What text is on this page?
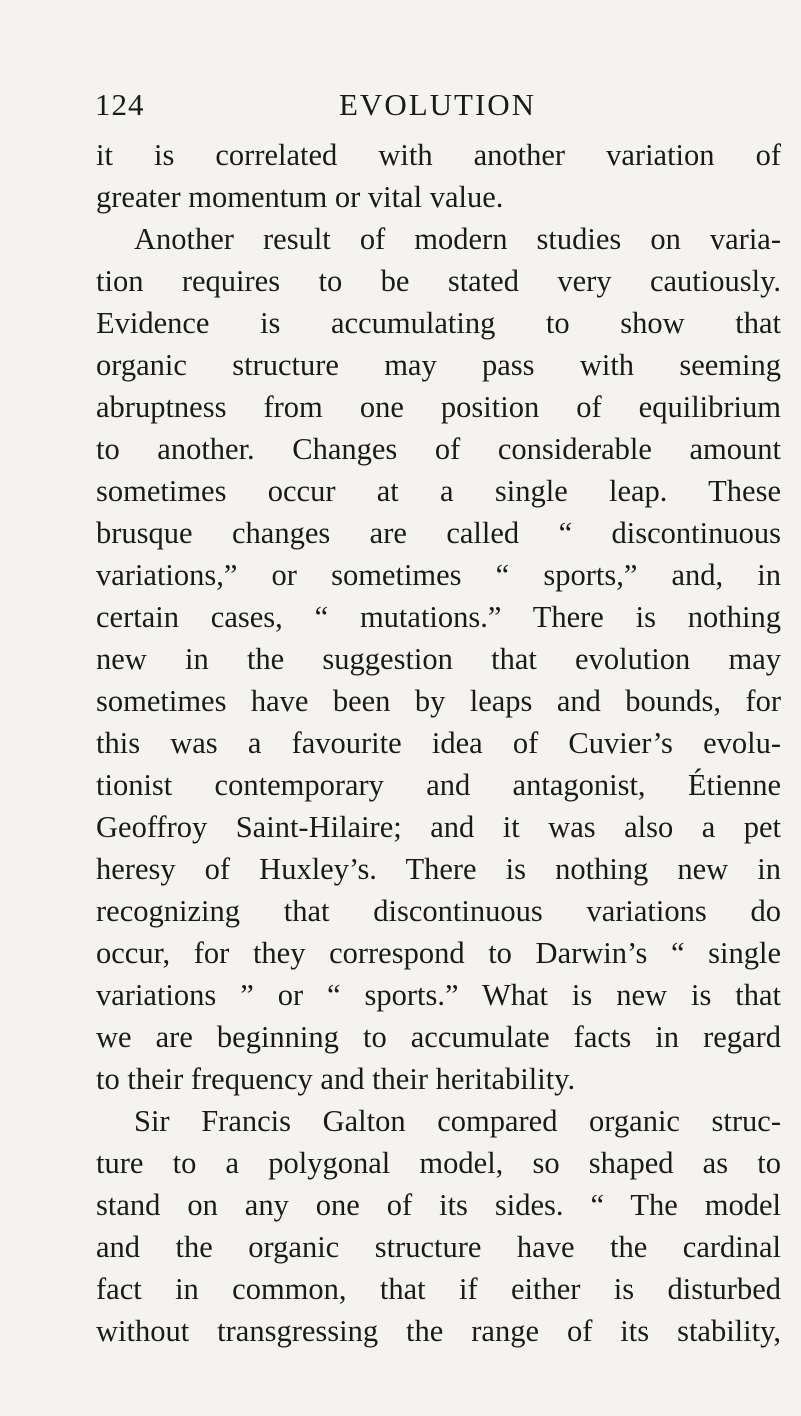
124	EVOLUTION
it is correlated with another variation of
greater momentum or vital value.
Another result of modern studies on varia-
tion requires to be stated very cautiously.
Evidence is accumulating to show that
organic structure may pass with seeming
abruptness from one position of equilibrium
to another. Changes of considerable amount
sometimes occur at a single leap. These
brusque changes are called “ discontinuous
variations,” or sometimes “ sports,” and, in
certain cases, “ mutations.” There is nothing
new in the suggestion that evolution may
sometimes have been by leaps and bounds, for
this was a favourite idea of Cuvier’s evolu-
tionist contemporary and antagonist, Étienne
Geoffroy Saint-Hilaire; and it was also a pet
heresy of Huxley’s. There is nothing new in
recognizing that discontinuous variations do
occur, for they correspond to Darwin’s “ single
variations ” or “ sports.” What is new is that
we are beginning to accumulate facts in regard
to their frequency and their heritability.
Sir Francis Galton compared organic struc-
ture to a polygonal model, so shaped as to
stand on any one of its sides. “ The model
and the organic structure have the cardinal
fact in common, that if either is disturbed
without transgressing the range of its stability,
